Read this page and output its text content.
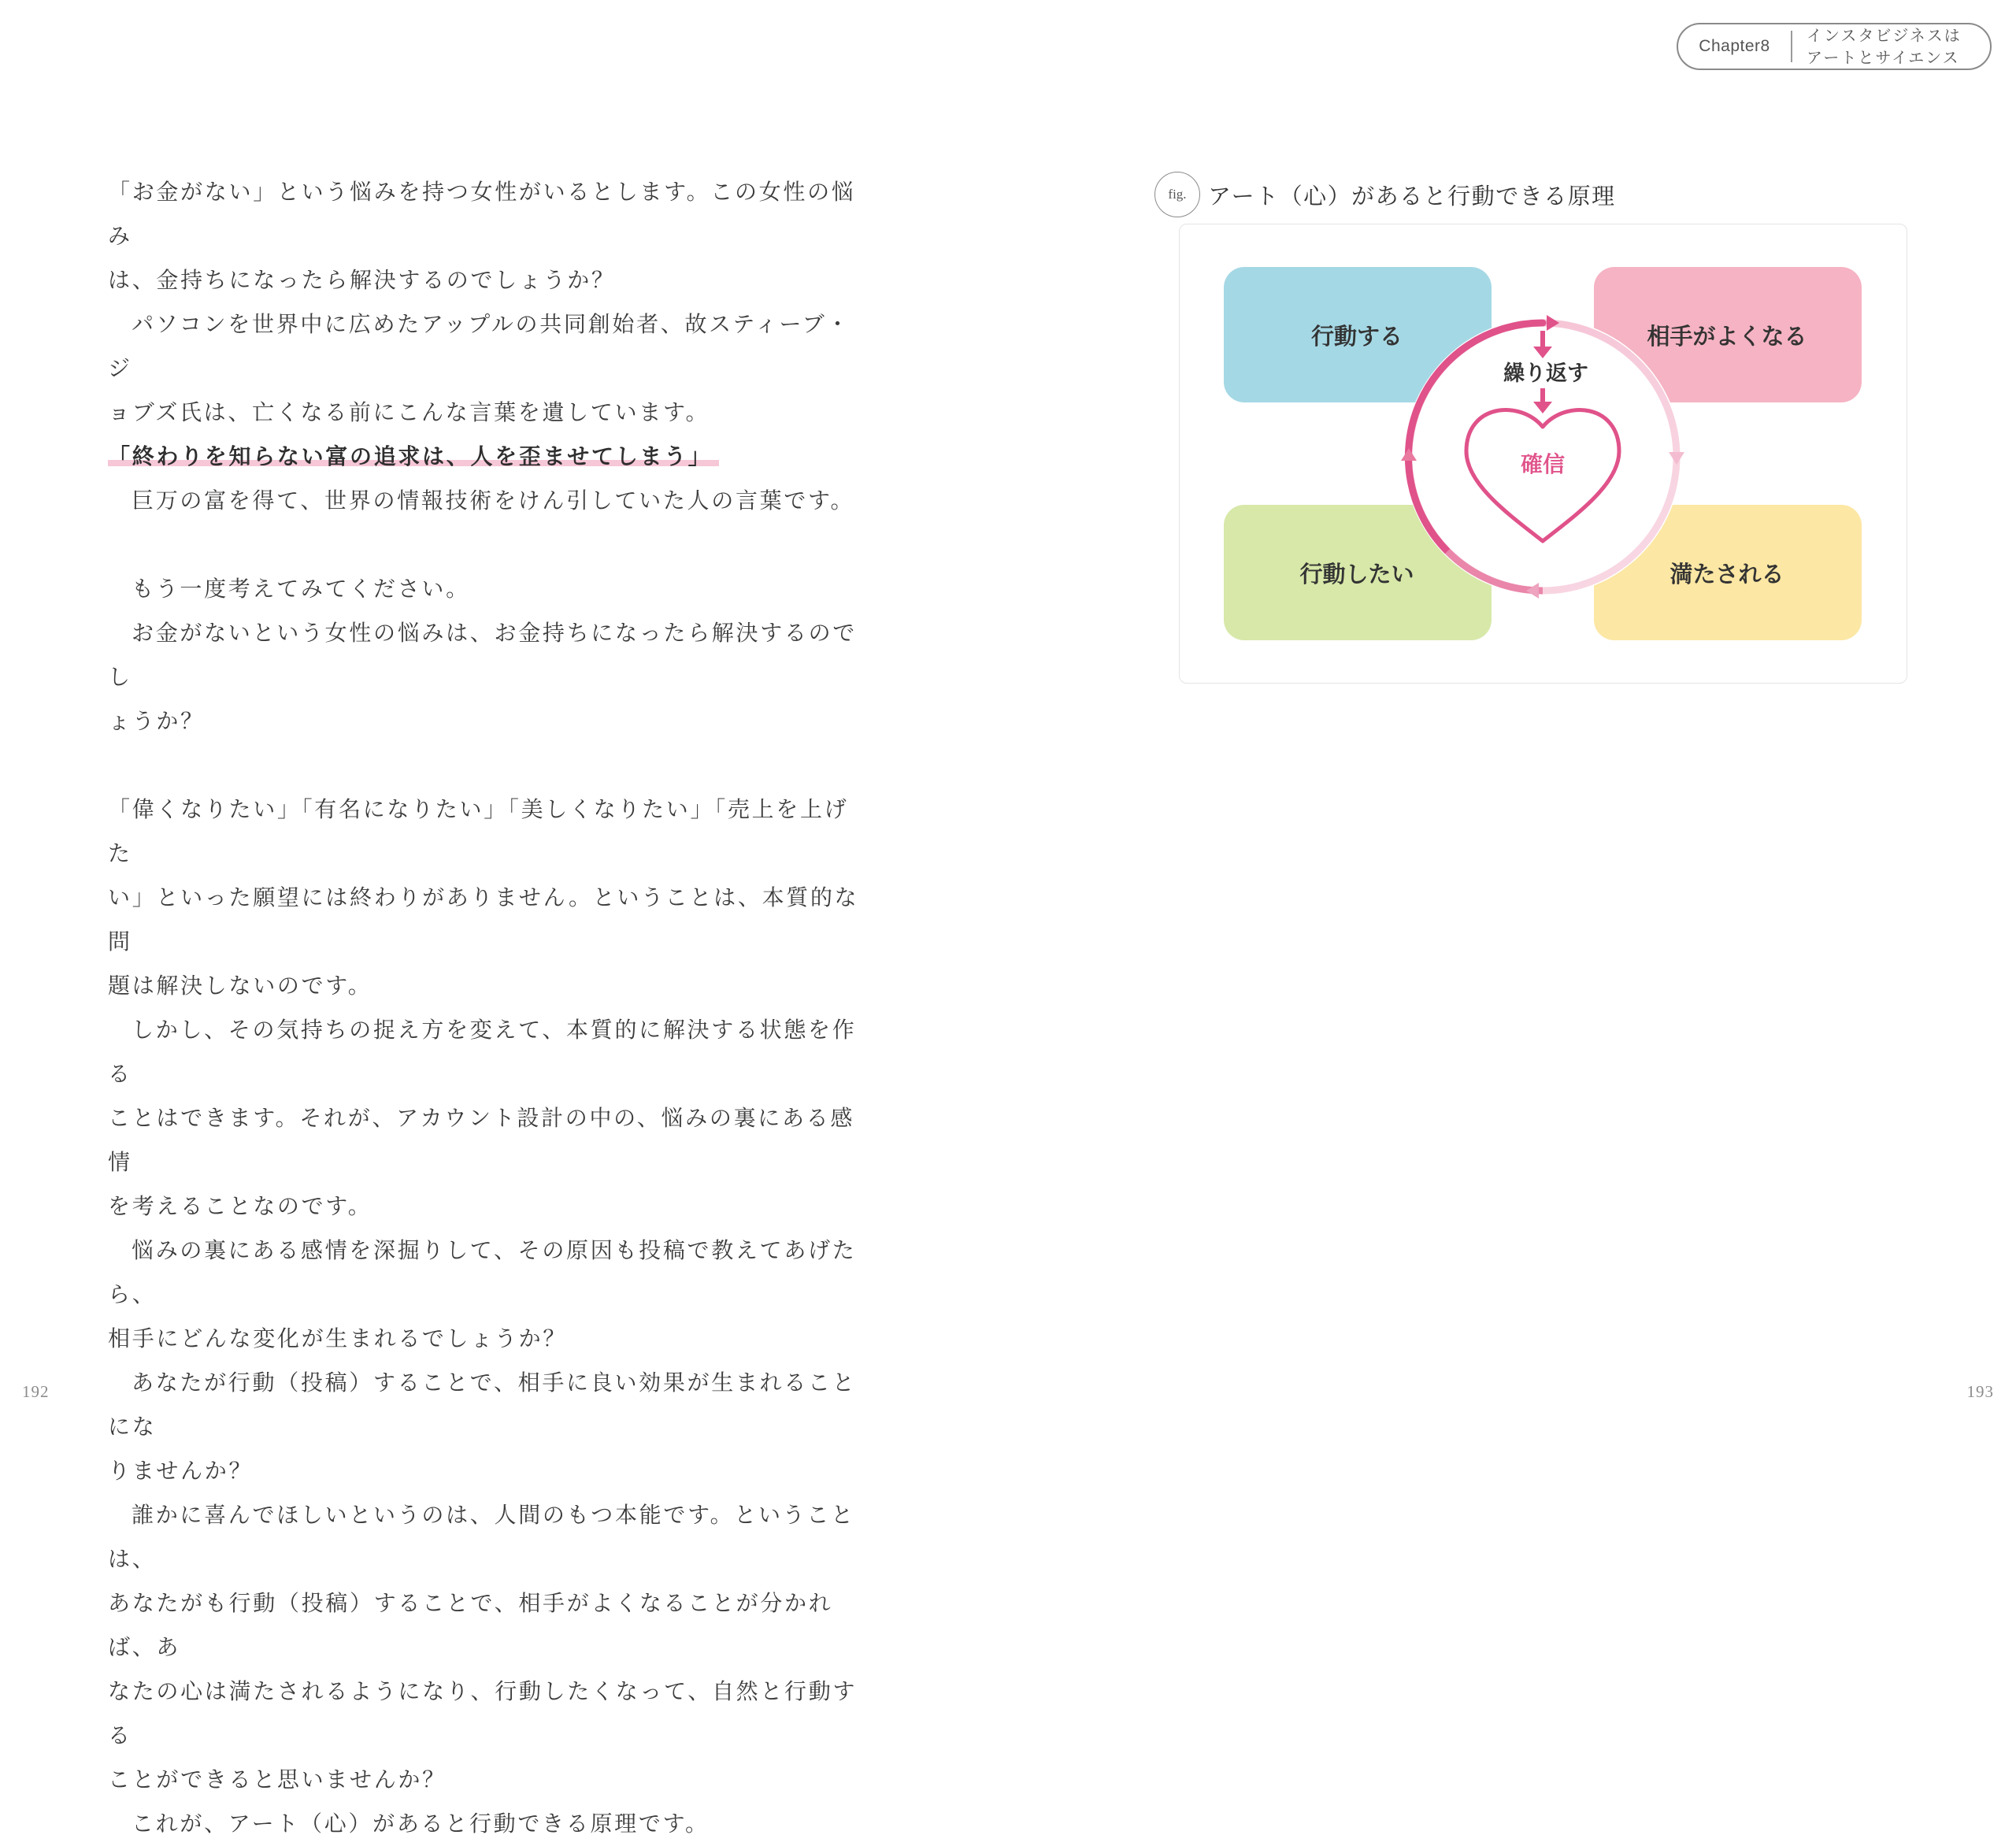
Chapter8
インスタビジネスは
アートとサイエンス

「お金がない」という悩みを持つ女性がいるとします。この女性の悩み
は、金持ちになったら解決するのでしょうか？

パソコンを世界中に広めたアップルの共同創始者、故スティーブ・ジ
ョブズ氏は、亡くなる前にこんな言葉を遺しています。

「終わりを知らない富の追求は、人を歪ませてしまう」

巨万の富を得て、世界の情報技術をけん引していた人の言葉です。

もう一度考えてみてください。

お金がないという女性の悩みは、お金持ちになったら解決するのでし
ょうか？

「偉くなりたい」「有名になりたい」「美しくなりたい」「売上を上げた
い」といった願望には終わりがありません。ということは、本質的な問
題は解決しないのです。

しかし、その気持ちの捉え方を変えて、本質的に解決する状態を作る
ことはできます。それが、アカウント設計の中の、悩みの裏にある感情
を考えることなのです。

悩みの裏にある感情を深掘りして、その原因も投稿で教えてあげたら、
相手にどんな変化が生まれるでしょうか？

あなたが行動（投稿）することで、相手に良い効果が生まれることにな
りませんか？

誰かに喜んでほしいというのは、人間のもつ本能です。ということは、
あなたがも行動（投稿）することで、相手がよくなることが分かれば、あ
なたの心は満たされるようになり、行動したくなって、自然と行動する
ことができると思いませんか？

これが、アート（心）があると行動できる原理です。

fig. アート（心）があると行動できる原理
行動する	相手がよくなる
行動したい	満たされる
繰り返す
確信
192	193
